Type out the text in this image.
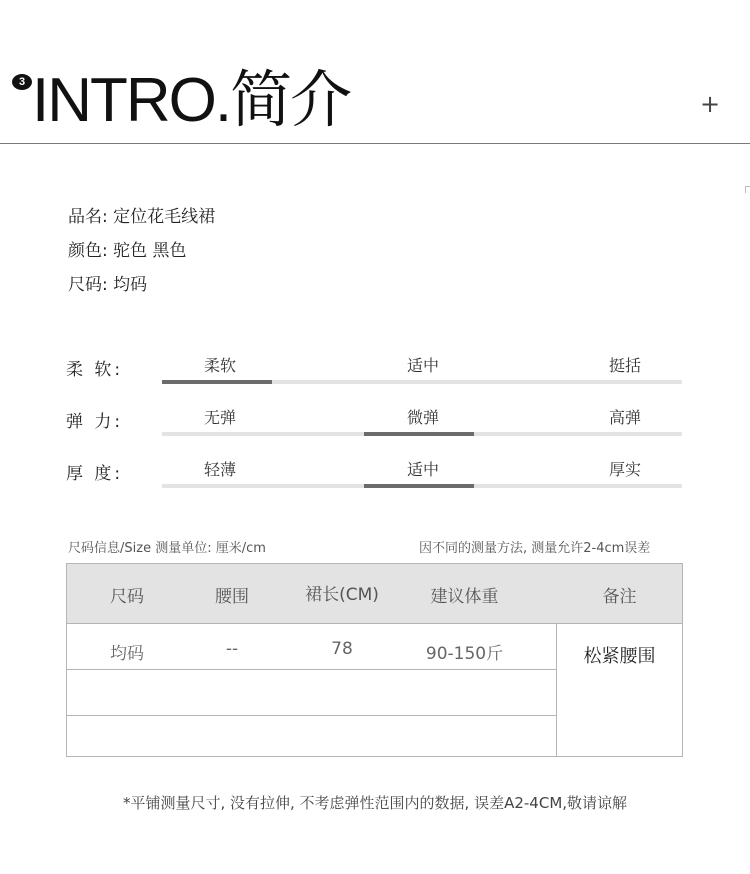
3 INTRO.简介	+
品名: 定位花毛线裙
颜色: 驼色 黑色
尺码: 均码
柔 软:	柔软	适中	挺括
弹 力:	无弹	微弹	高弹
厚 度:	轻薄	适中	厚实
尺码信息/Size 测量单位: 厘米/cm	因不同的测量方法, 测量允许2-4cm误差
尺码	腰围	裙长(CM)	建议体重	备注
均码	--	78	90-150斤	松紧腰围
*平铺测量尺寸, 没有拉伸, 不考虑弹性范围内的数据, 误差A2-4CM,敬请谅解
